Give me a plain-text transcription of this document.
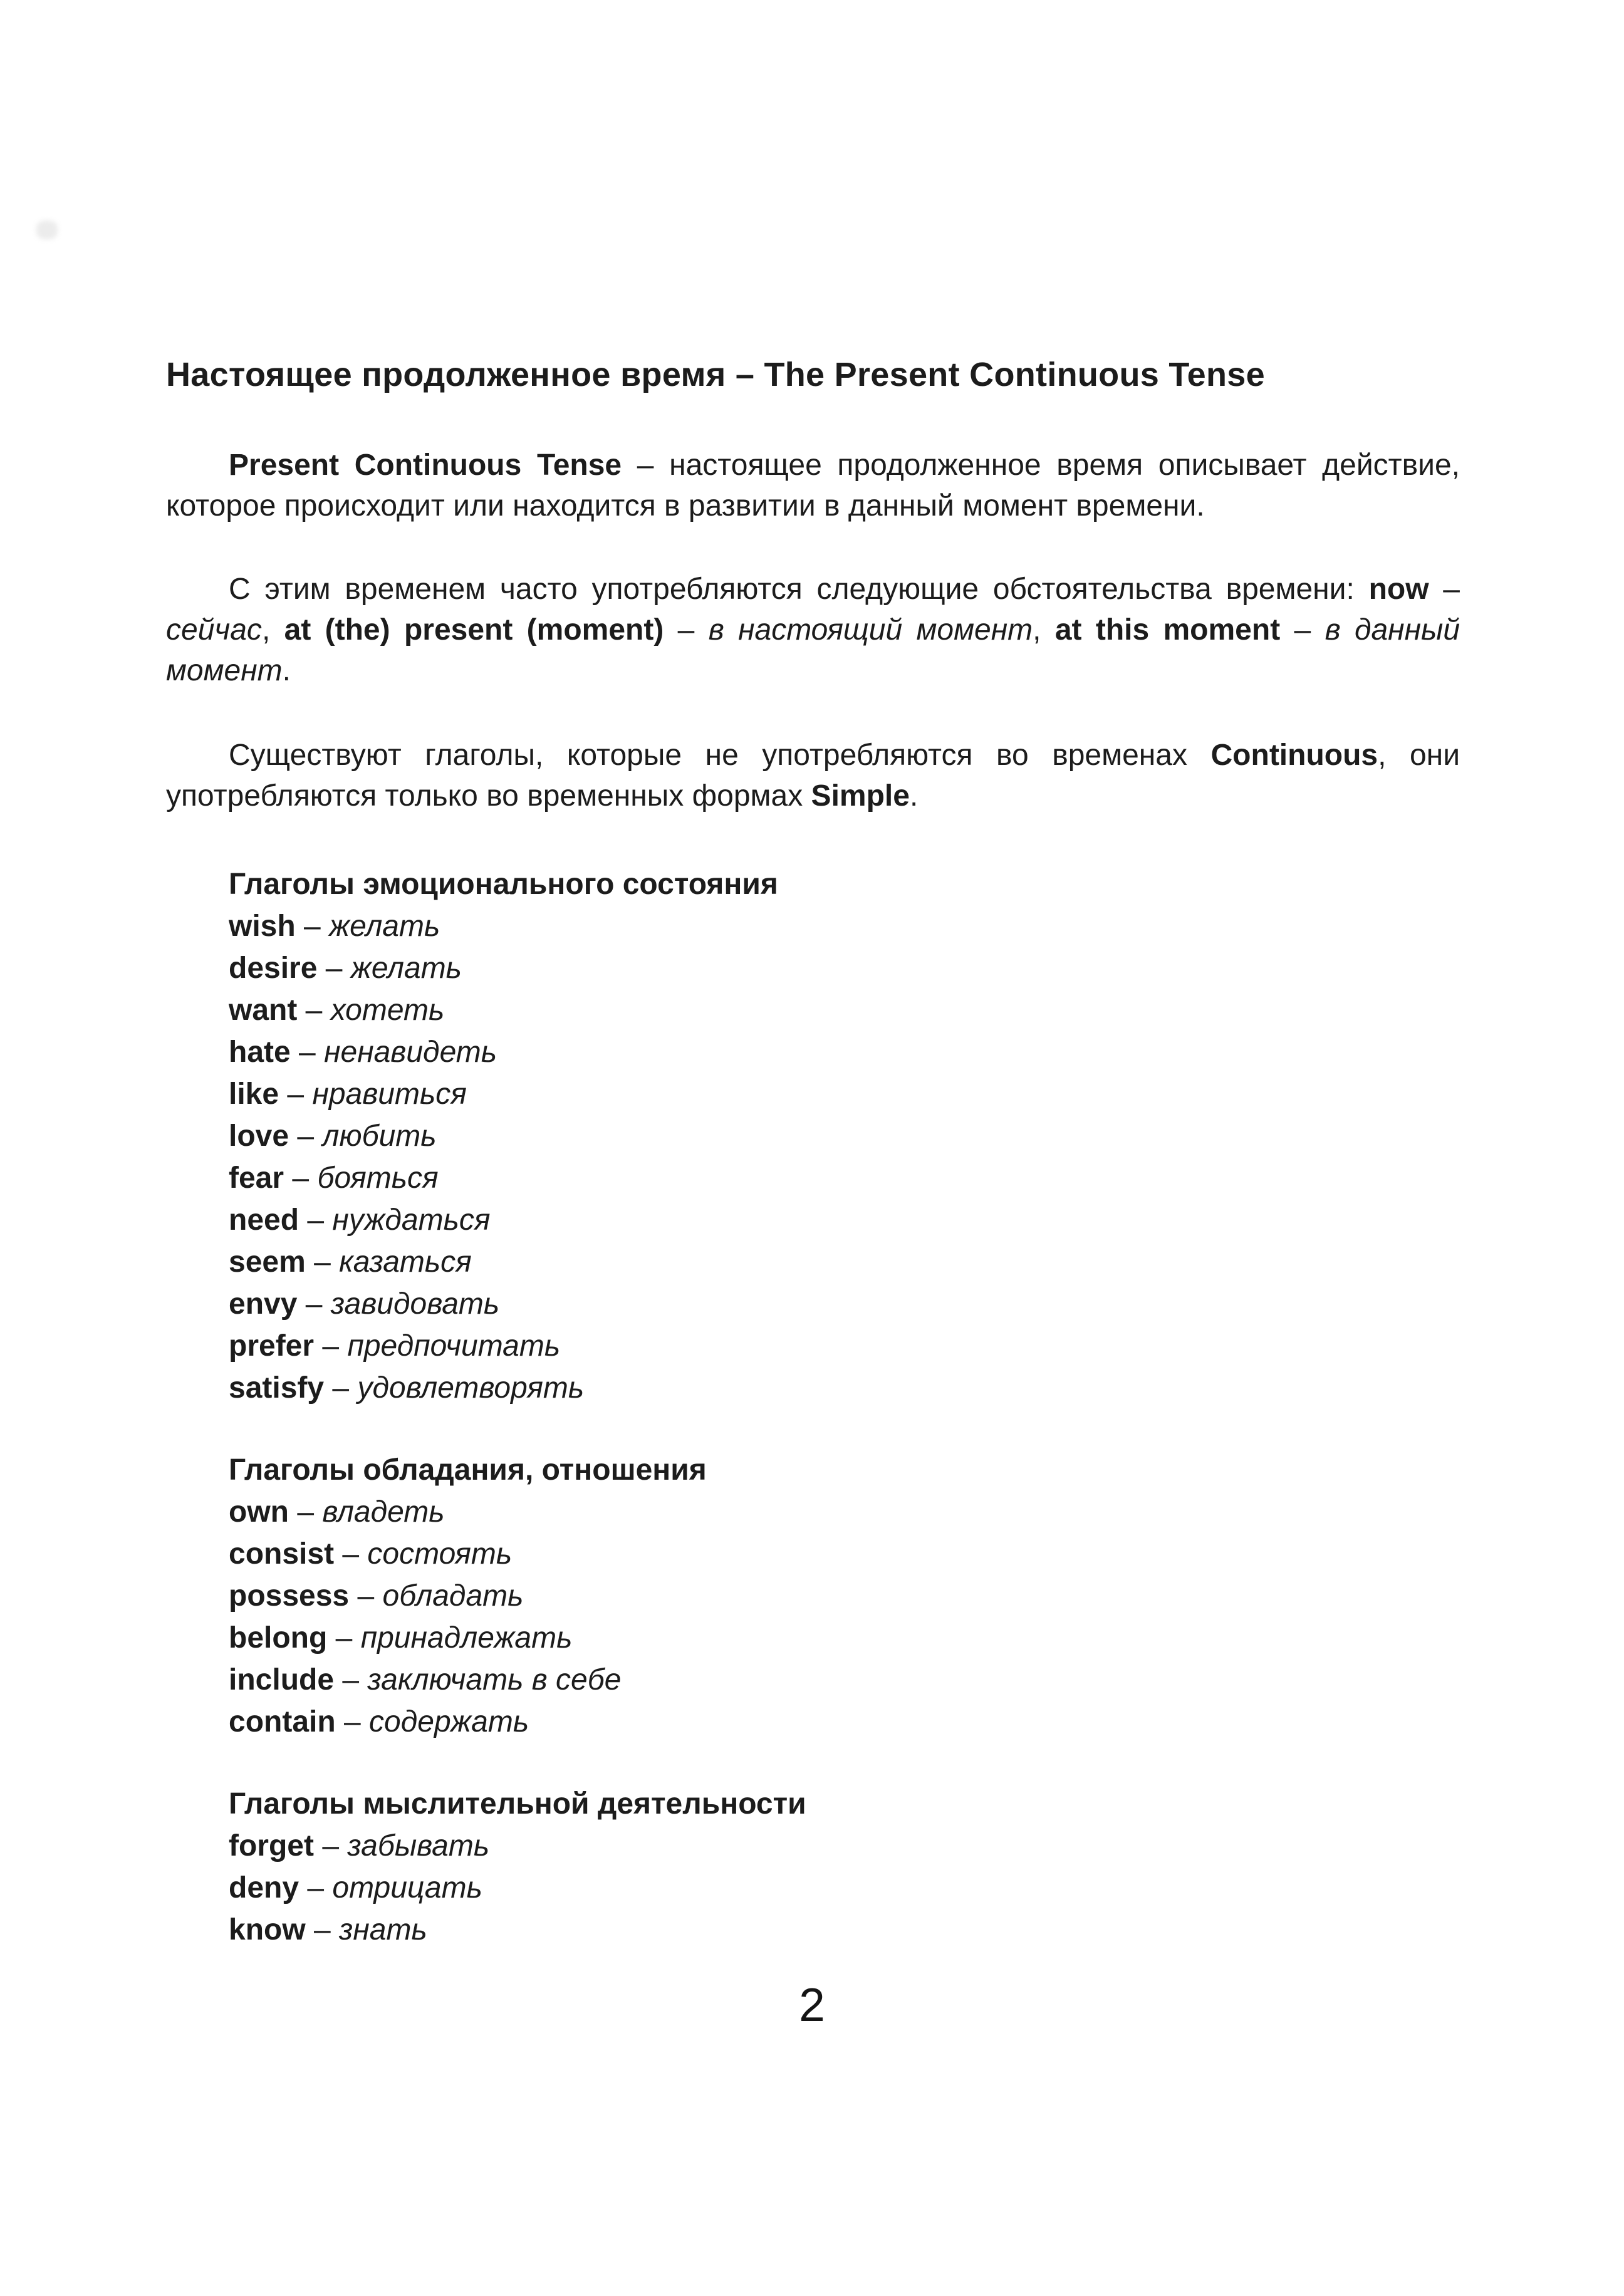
Настоящее продолженное время – The Present Continuous Tense

Present Continuous Tense – настоящее продолженное время описывает действие, которое происходит или находится в развитии в данный момент времени.

С этим временем часто употребляются следующие обстоятельства времени: now – сейчас, at (the) present (moment) – в настоящий момент, at this moment – в данный момент.

Существуют глаголы, которые не употребляются во временах Continuous, они употребляются только во временных формах Simple.

Глаголы эмоционального состояния
wish – желать
desire – желать
want – хотеть
hate – ненавидеть
like – нравиться
love – любить
fear – бояться
need – нуждаться
seem – казаться
envy – завидовать
prefer – предпочитать
satisfy – удовлетворять
Глаголы обладания, отношения
own – владеть
consist – состоять
possess – обладать
belong – принадлежать
include – заключать в себе
contain – содержать
Глаголы мыслительной деятельности
forget – забывать
deny – отрицать
know – знать
2
